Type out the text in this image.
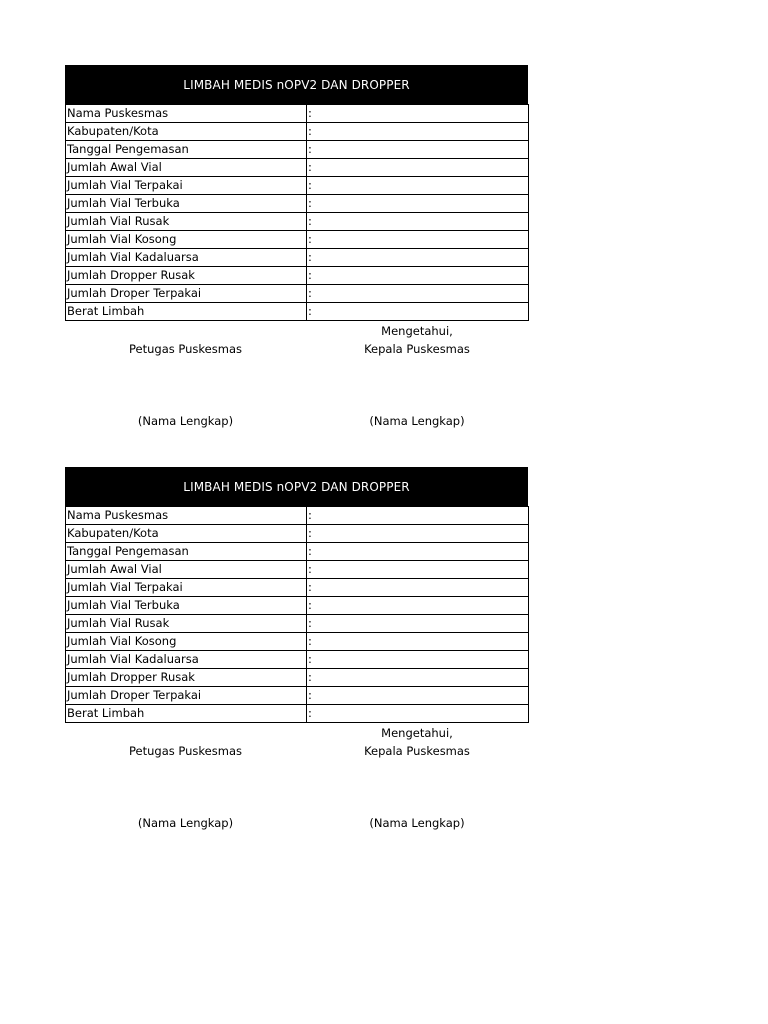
LIMBAH MEDIS nOPV2 DAN DROPPER
Nama Puskesmas	:
Kabupaten/Kota	:
Tanggal Pengemasan	:
Jumlah Awal Vial	:
Jumlah Vial Terpakai	:
Jumlah Vial Terbuka	:
Jumlah Vial Rusak	:
Jumlah Vial Kosong	:
Jumlah Vial Kadaluarsa	:
Jumlah Dropper Rusak	:
Jumlah Droper Terpakai	:
Berat Limbah	:
Mengetahui,
Petugas Puskesmas	Kepala Puskesmas
(Nama Lengkap)	(Nama Lengkap)
LIMBAH MEDIS nOPV2 DAN DROPPER
Nama Puskesmas	:
Kabupaten/Kota	:
Tanggal Pengemasan	:
Jumlah Awal Vial	:
Jumlah Vial Terpakai	:
Jumlah Vial Terbuka	:
Jumlah Vial Rusak	:
Jumlah Vial Kosong	:
Jumlah Vial Kadaluarsa	:
Jumlah Dropper Rusak	:
Jumlah Droper Terpakai	:
Berat Limbah	:
Mengetahui,
Petugas Puskesmas	Kepala Puskesmas
(Nama Lengkap)	(Nama Lengkap)
